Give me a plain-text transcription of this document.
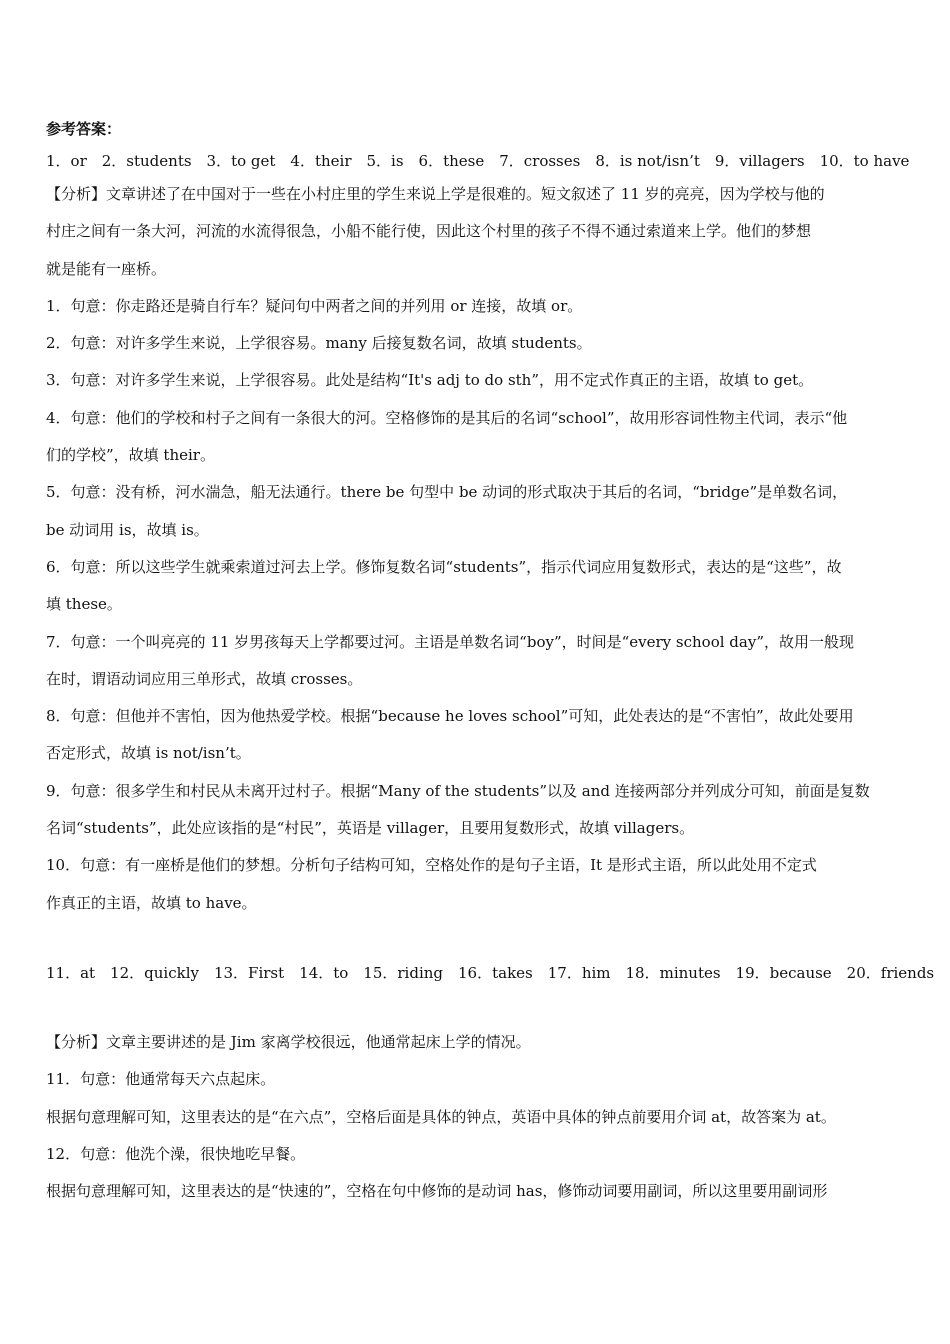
参考答案：
1．or　2．students　3．to get　4．their　5．is　6．these　7．crosses　8．is not/isn’t　9．villagers　10．to have
【分析】文章讲述了在中国对于一些在小村庄里的学生来说上学是很难的。短文叙述了 11 岁的亮亮，因为学校与他的
村庄之间有一条大河，河流的水流得很急，小船不能行使，因此这个村里的孩子不得不通过索道来上学。他们的梦想
就是能有一座桥。
1．句意：你走路还是骑自行车？疑问句中两者之间的并列用 or 连接，故填 or。
2．句意：对许多学生来说，上学很容易。many 后接复数名词，故填 students。
3．句意：对许多学生来说，上学很容易。此处是结构“It's adj to do sth”，用不定式作真正的主语，故填 to get。
4．句意：他们的学校和村子之间有一条很大的河。空格修饰的是其后的名词“school”，故用形容词性物主代词，表示“他
们的学校”，故填 their。
5．句意：没有桥，河水湍急，船无法通行。there be 句型中 be 动词的形式取决于其后的名词，“bridge”是单数名词，
be 动词用 is，故填 is。
6．句意：所以这些学生就乘索道过河去上学。修饰复数名词“students”，指示代词应用复数形式，表达的是“这些”，故
填 these。
7．句意：一个叫亮亮的 11 岁男孩每天上学都要过河。主语是单数名词“boy”，时间是“every school day”，故用一般现
在时，谓语动词应用三单形式，故填 crosses。
8．句意：但他并不害怕，因为他热爱学校。根据“because he loves school”可知，此处表达的是“不害怕”，故此处要用
否定形式，故填 is not/isn’t。
9．句意：很多学生和村民从未离开过村子。根据“Many of the students”以及 and 连接两部分并列成分可知，前面是复数
名词“students”，此处应该指的是“村民”，英语是 villager，且要用复数形式，故填 villagers。
10．句意：有一座桥是他们的梦想。分析句子结构可知，空格处作的是句子主语，It 是形式主语，所以此处用不定式
作真正的主语，故填 to have。
11．at　12．quickly　13．First　14．to　15．riding　16．takes　17．him　18．minutes　19．because　20．friends
【分析】文章主要讲述的是 Jim 家离学校很远，他通常起床上学的情况。
11．句意：他通常每天六点起床。
根据句意理解可知，这里表达的是“在六点”，空格后面是具体的钟点，英语中具体的钟点前要用介词 at，故答案为 at。
12．句意：他洗个澡，很快地吃早餐。
根据句意理解可知，这里表达的是“快速的”，空格在句中修饰的是动词 has，修饰动词要用副词，所以这里要用副词形
